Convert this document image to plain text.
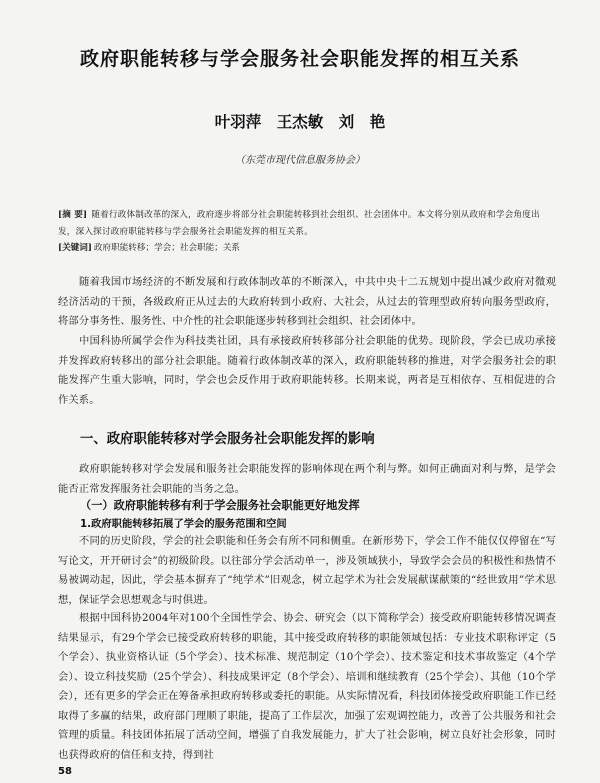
政府职能转移与学会服务社会职能发挥的相互关系
叶羽萍　王杰敏　刘　艳
（东莞市现代信息服务协会）
[摘 要] 随着行政体制改革的深入，政府逐步将部分社会职能转移到社会组织、社会团体中。本文将分别从政府和学会角度出发，深入探讨政府职能转移与学会服务社会职能发挥的相互关系。
[关键词] 政府职能转移；学会；社会职能；关系
随着我国市场经济的不断发展和行政体制改革的不断深入，中共中央十二五规划中提出减少政府对微观经济活动的干预，各级政府正从过去的大政府转到小政府、大社会，从过去的管理型政府转向服务型政府，将部分事务性、服务性、中介性的社会职能逐步转移到社会组织、社会团体中。
中国科协所属学会作为科技类社团，具有承接政府转移部分社会职能的优势。现阶段，学会已成功承接并发挥政府转移出的部分社会职能。随着行政体制改革的深入，政府职能转移的推进，对学会服务社会的职能发挥产生重大影响，同时，学会也会反作用于政府职能转移。长期来说，两者是互相依存、互相促进的合作关系。
一、政府职能转移对学会服务社会职能发挥的影响
政府职能转移对学会发展和服务社会职能发挥的影响体现在两个利与弊。如何正确面对利与弊，是学会能否正常发挥服务社会职能的当务之急。
（一）政府职能转移有利于学会服务社会职能更好地发挥
1.政府职能转移拓展了学会的服务范围和空间
不同的历史阶段，学会的社会职能和任务会有所不同和侧重。在新形势下，学会工作不能仅仅停留在“写写论文，开开研讨会”的初级阶段。以往部分学会活动单一，涉及领域狭小，导致学会会员的积极性和热情不易被调动起，因此，学会基本摒弃了“纯学术”旧观念，树立起学术为社会发展献谋献策的“经世致用”学术思想，保证学会思想观念与时俱进。
根据中国科协2004年对100个全国性学会、协会、研究会（以下简称学会）接受政府职能转移情况调查结果显示，有29个学会已接受政府转移的职能，其中接受政府转移的职能领域包括：专业技术职称评定（5个学会）、执业资格认证（5个学会）、技术标准、规范制定（10个学会）、技术鉴定和技术事故鉴定（4个学会）、设立科技奖励（25个学会）、科技成果评定（8个学会）、培训和继续教育（25个学会）、其他（10个学会），还有更多的学会正在筹备承担政府转移或委托的职能。从实际情况看，科技团体接受政府职能工作已经取得了多赢的结果，政府部门理顺了职能，提高了工作层次，加强了宏观调控能力，改善了公共服务和社会管理的质量。科技团体拓展了活动空间，增强了自我发展能力，扩大了社会影响，树立良好社会形象，同时也获得政府的信任和支持，得到社
58
